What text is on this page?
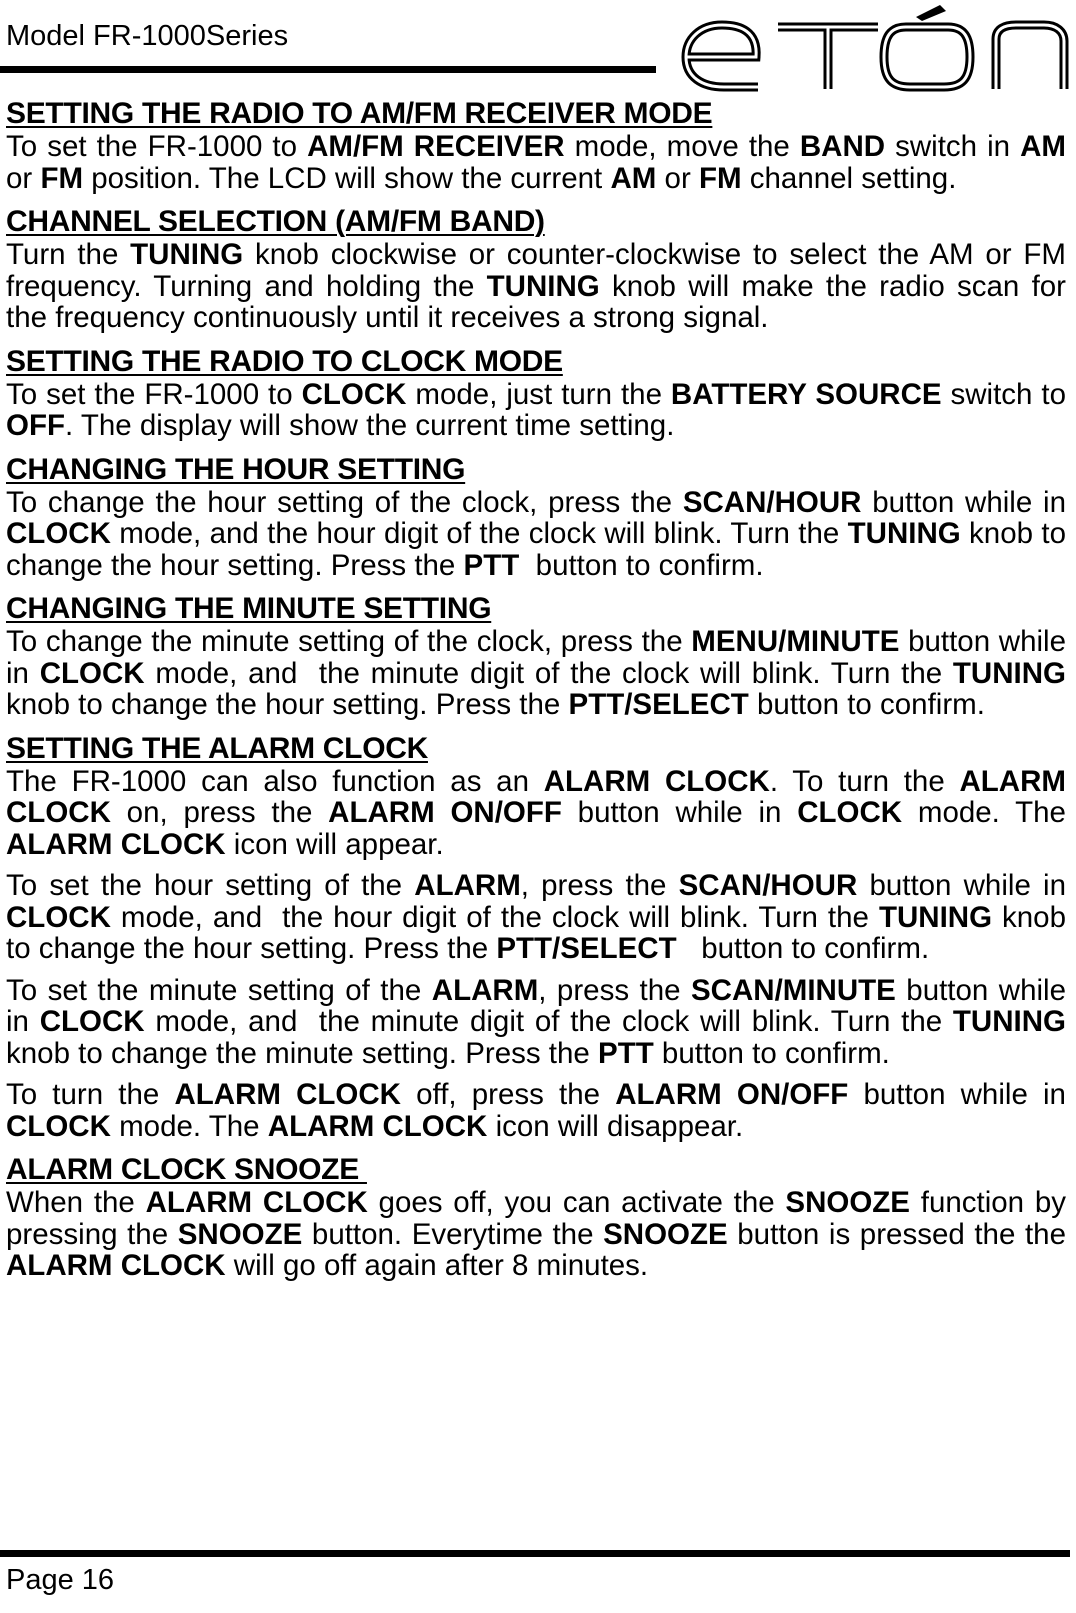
Model FR-1000Series
SETTING THE RADIO TO AM/FM RECEIVER MODE
To set the FR-1000 to AM/FM RECEIVER mode, move the BAND switch in AM or FM position. The LCD will show the current AM or FM channel setting.
CHANNEL SELECTION (AM/FM BAND)
Turn the TUNING knob clockwise or counter-clockwise to select the AM or FM frequency. Turning and holding the TUNING knob will make the radio scan for the frequency continuously until it receives a strong signal.
SETTING THE RADIO TO CLOCK MODE
To set the FR-1000 to CLOCK mode, just turn the BATTERY SOURCE switch to OFF. The display will show the current time setting.
CHANGING THE HOUR SETTING
To change the hour setting of the clock, press the SCAN/HOUR button while in CLOCK mode, and the hour digit of the clock will blink. Turn the TUNING knob to change the hour setting. Press the PTT  button to confirm.
CHANGING THE MINUTE SETTING
To change the minute setting of the clock, press the MENU/MINUTE button while in CLOCK mode, and  the minute digit of the clock will blink. Turn the TUNING knob to change the hour setting. Press the PTT/SELECT button to confirm.
SETTING THE ALARM CLOCK
The FR-1000 can also function as an ALARM CLOCK. To turn the ALARM CLOCK on, press the ALARM ON/OFF button while in CLOCK mode. The ALARM CLOCK icon will appear.
To set the hour setting of the ALARM, press the SCAN/HOUR button while in CLOCK mode, and  the hour digit of the clock will blink. Turn the TUNING knob to change the hour setting. Press the PTT/SELECT   button to confirm.
To set the minute setting of the ALARM, press the SCAN/MINUTE button while in CLOCK mode, and  the minute digit of the clock will blink. Turn the TUNING knob to change the minute setting. Press the PTT button to confirm.
To turn the ALARM CLOCK off, press the ALARM ON/OFF button while in CLOCK mode. The ALARM CLOCK icon will disappear.
ALARM CLOCK SNOOZE
When the ALARM CLOCK goes off, you can activate the SNOOZE function by pressing the SNOOZE button. Everytime the SNOOZE button is pressed the the ALARM CLOCK will go off again after 8 minutes.
Page 16
